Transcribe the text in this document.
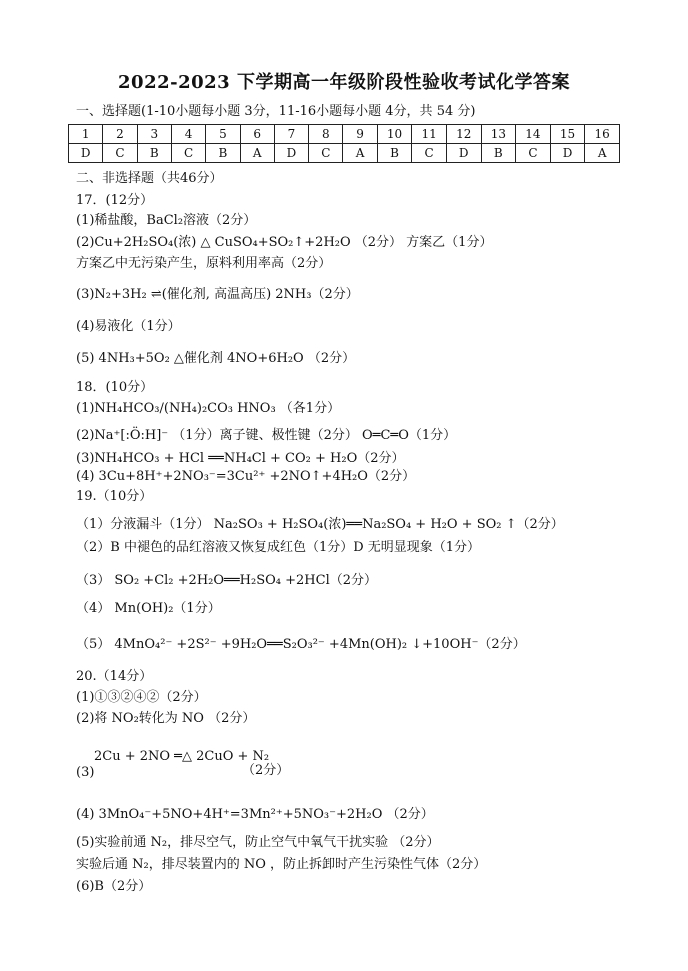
2022-2023 下学期高一年级阶段性验收考试化学答案
一、选择题(1-10小题每小题 3分，11-16小题每小题 4分，共 54 分)
1	2	3	4	5	6	7	8	9	10	11	12	13	14	15	16
D	C	B	C	B	A	D	C	A	B	C	D	B	C	D	A
二、非选择题（共46分）
17．(12分）
(1)稀盐酸，BaCl₂溶液（2分）
(2)Cu+2H₂SO₄(浓) △ CuSO₄+SO₂↑+2H₂O （2分） 方案乙（1分）
方案乙中无污染产生，原料利用率高（2分）
(3)N₂+3H₂ ⇌(催化剂, 高温高压) 2NH₃（2分）
(4)易液化（1分）
(5) 4NH₃+5O₂ △催化剂 4NO+6H₂O （2分）
18．(10分）
(1)NH₄HCO₃/(NH₄)₂CO₃ HNO₃ （各1分）
(2)Na⁺[:Ö:H]⁻ （1分）离子键、极性键（2分） O═C═O（1分）
(3)NH₄HCO₃ + HCl ══NH₄Cl + CO₂ + H₂O（2分）
(4) 3Cu+8H⁺+2NO₃⁻=3Cu²⁺ +2NO↑+4H₂O（2分）
19.（10分）
（1）分液漏斗（1分） Na₂SO₃ + H₂SO₄(浓)══Na₂SO₄ + H₂O + SO₂ ↑（2分）
（2）B 中褪色的品红溶液又恢复成红色（1分）D 无明显现象（1分）
（3） SO₂ +Cl₂ +2H₂O══H₂SO₄ +2HCl（2分）
（4） Mn(OH)₂（1分）
（5） 4MnO₄²⁻ +2S²⁻ +9H₂O══S₂O₃²⁻ +4Mn(OH)₂ ↓+10OH⁻（2分）
20.（14分）
(1)①③②④②（2分）
(2)将 NO₂转化为 NO （2分）
2Cu + 2NO ═△ 2CuO + N₂
(3)	（2分）
(4) 3MnO₄⁻+5NO+4H⁺=3Mn²⁺+5NO₃⁻+2H₂O （2分）
(5)实验前通 N₂，排尽空气，防止空气中氧气干扰实验 （2分）
实验后通 N₂，排尽装置内的 NO ，防止拆卸时产生污染性气体（2分）
(6)B（2分）
